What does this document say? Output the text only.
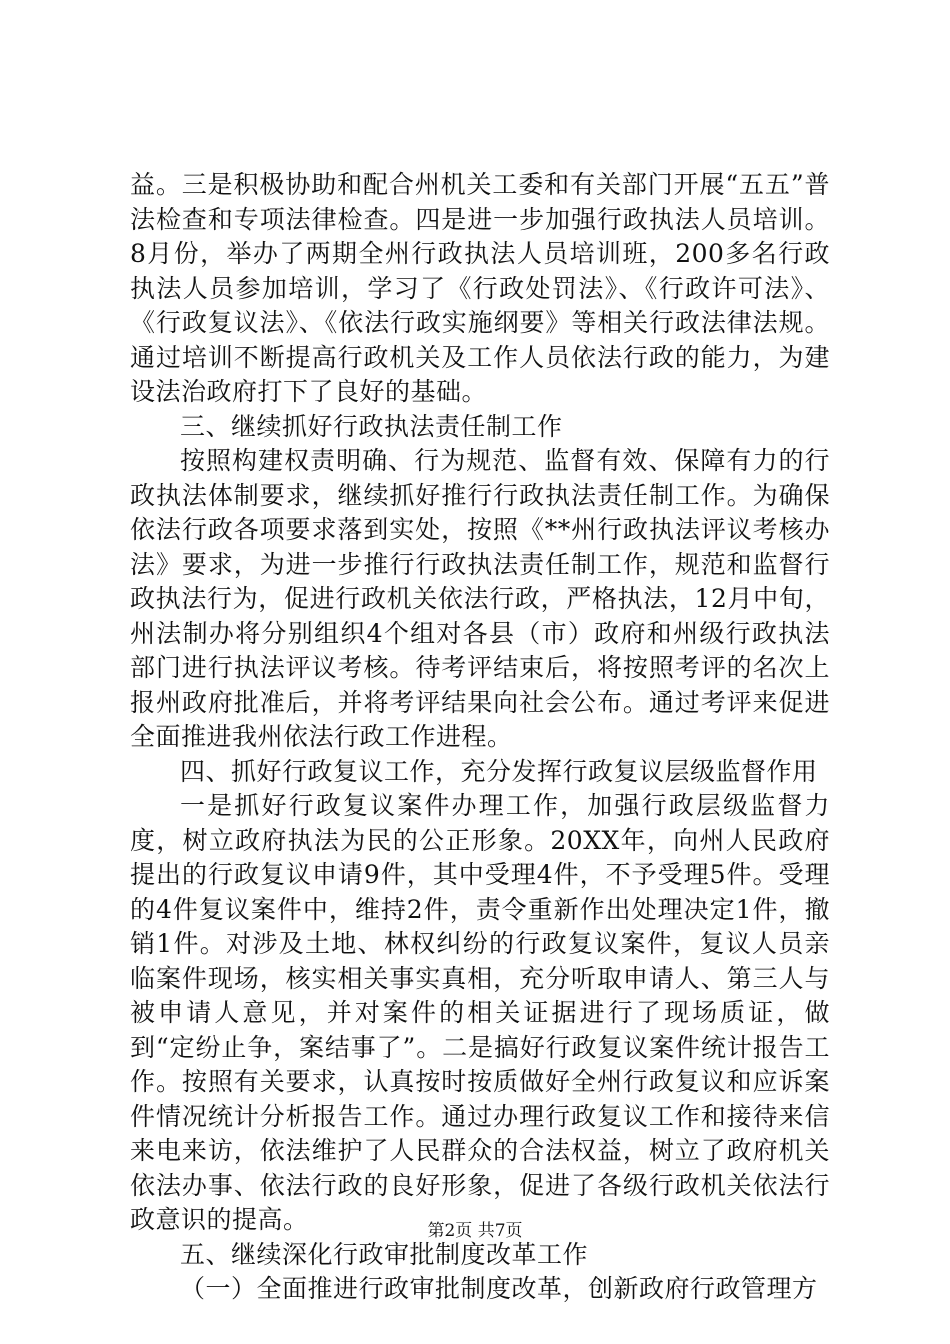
益。三是积极协助和配合州机关工委和有关部门开展“五五”普法检查和专项法律检查。四是进一步加强行政执法人员培训。8月份，举办了两期全州行政执法人员培训班，200多名行政执法人员参加培训，学习了《行政处罚法》、《行政许可法》、《行政复议法》、《依法行政实施纲要》等相关行政法律法规。通过培训不断提高行政机关及工作人员依法行政的能力，为建设法治政府打下了良好的基础。

三、继续抓好行政执法责任制工作

按照构建权责明确、行为规范、监督有效、保障有力的行政执法体制要求，继续抓好推行行政执法责任制工作。为确保依法行政各项要求落到实处，按照《**州行政执法评议考核办法》要求，为进一步推行行政执法责任制工作，规范和监督行政执法行为，促进行政机关依法行政，严格执法，12月中旬，州法制办将分别组织4个组对各县（市）政府和州级行政执法部门进行执法评议考核。待考评结束后，将按照考评的名次上报州政府批准后，并将考评结果向社会公布。通过考评来促进全面推进我州依法行政工作进程。

四、抓好行政复议工作，充分发挥行政复议层级监督作用

一是抓好行政复议案件办理工作，加强行政层级监督力度，树立政府执法为民的公正形象。20XX年，向州人民政府提出的行政复议申请9件，其中受理4件，不予受理5件。受理的4件复议案件中，维持2件，责令重新作出处理决定1件，撤销1件。对涉及土地、林权纠纷的行政复议案件，复议人员亲临案件现场，核实相关事实真相，充分听取申请人、第三人与被申请人意见，并对案件的相关证据进行了现场质证，做到“定纷止争，案结事了”。二是搞好行政复议案件统计报告工作。按照有关要求，认真按时按质做好全州行政复议和应诉案件情况统计分析报告工作。通过办理行政复议工作和接待来信来电来访，依法维护了人民群众的合法权益，树立了政府机关依法办事、依法行政的良好形象，促进了各级行政机关依法行政意识的提高。

五、继续深化行政审批制度改革工作

（一）全面推进行政审批制度改革，创新政府行政管理方

第2页 共7页
